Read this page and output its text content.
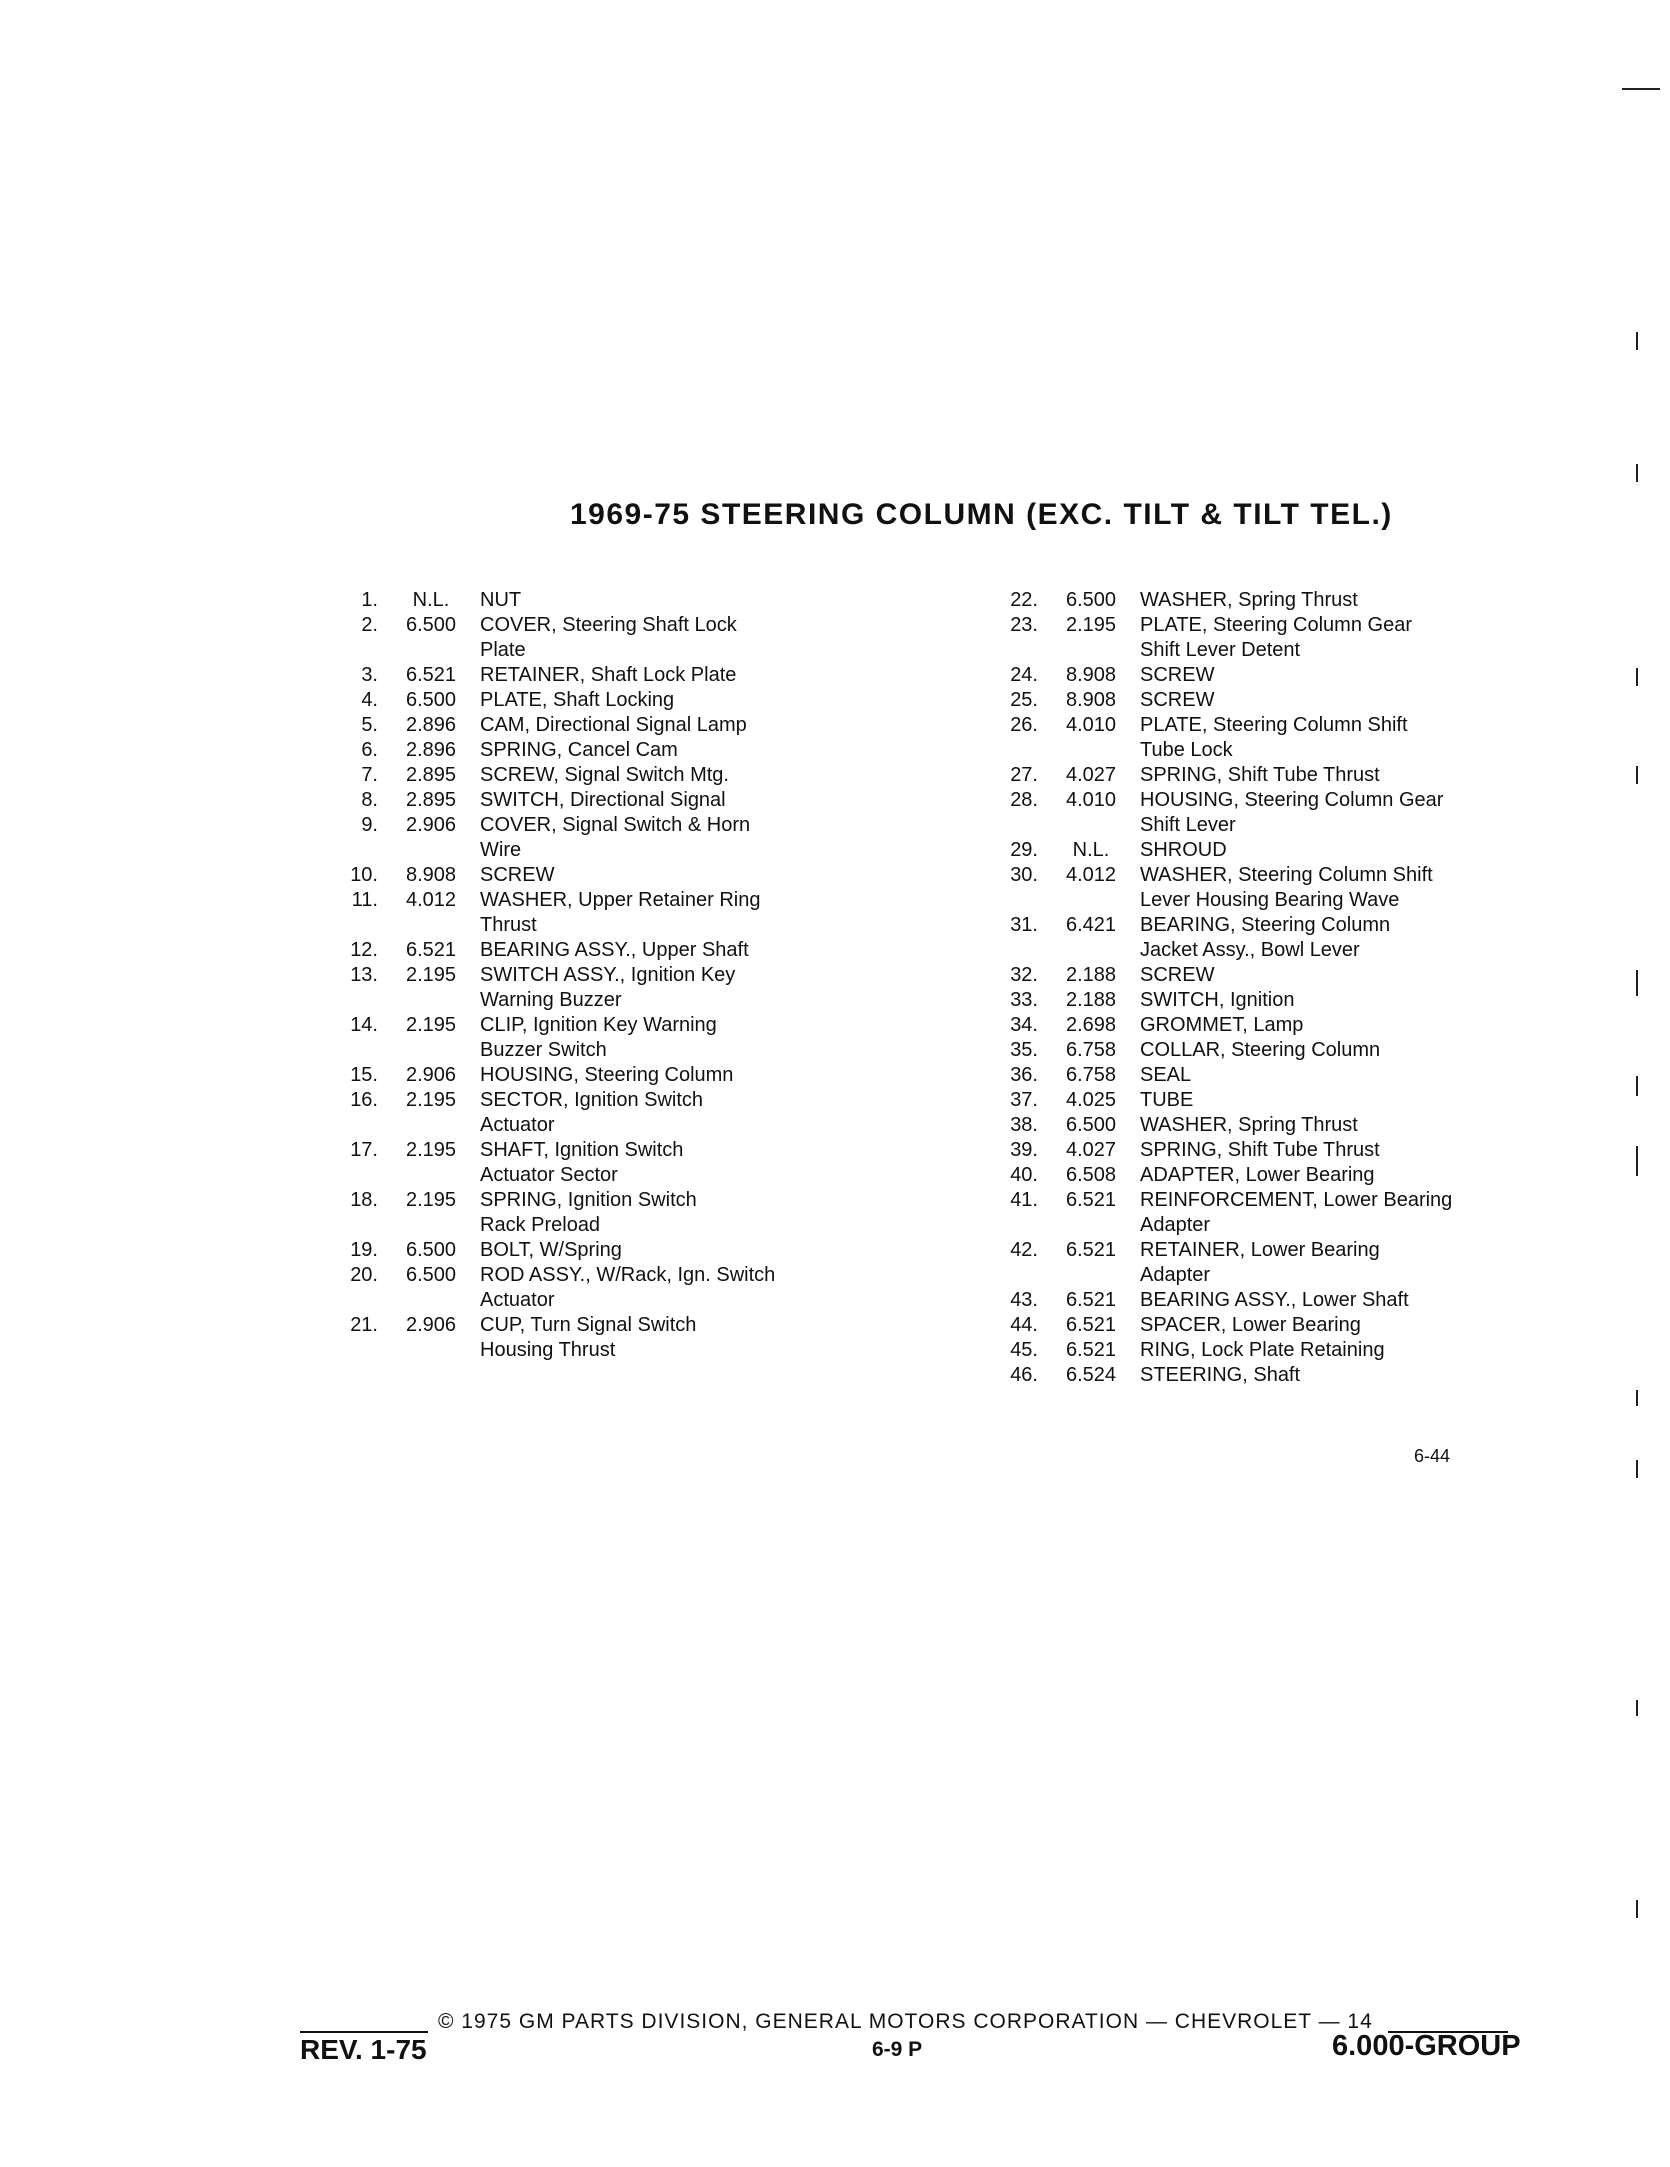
1969-75 STEERING COLUMN (EXC. TILT & TILT TEL.)
1.	N.L.	NUT
2.	6.500	COVER, Steering Shaft Lock
Plate
3.	6.521	RETAINER, Shaft Lock Plate
4.	6.500	PLATE, Shaft Locking
5.	2.896	CAM, Directional Signal Lamp
6.	2.896	SPRING, Cancel Cam
7.	2.895	SCREW, Signal Switch Mtg.
8.	2.895	SWITCH, Directional Signal
9.	2.906	COVER, Signal Switch & Horn
Wire
10.	8.908	SCREW
11.	4.012	WASHER, Upper Retainer Ring
Thrust
12.	6.521	BEARING ASSY., Upper Shaft
13.	2.195	SWITCH ASSY., Ignition Key
Warning Buzzer
14.	2.195	CLIP, Ignition Key Warning
Buzzer Switch
15.	2.906	HOUSING, Steering Column
16.	2.195	SECTOR, Ignition Switch
Actuator
17.	2.195	SHAFT, Ignition Switch
Actuator Sector
18.	2.195	SPRING, Ignition Switch
Rack Preload
19.	6.500	BOLT, W/Spring
20.	6.500	ROD ASSY., W/Rack, Ign. Switch
Actuator
21.	2.906	CUP, Turn Signal Switch
Housing Thrust
22.	6.500	WASHER, Spring Thrust
23.	2.195	PLATE, Steering Column Gear
Shift Lever Detent
24.	8.908	SCREW
25.	8.908	SCREW
26.	4.010	PLATE, Steering Column Shift
Tube Lock
27.	4.027	SPRING, Shift Tube Thrust
28.	4.010	HOUSING, Steering Column Gear
Shift Lever
29.	N.L.	SHROUD
30.	4.012	WASHER, Steering Column Shift
Lever Housing Bearing Wave
31.	6.421	BEARING, Steering Column
Jacket Assy., Bowl Lever
32.	2.188	SCREW
33.	2.188	SWITCH, Ignition
34.	2.698	GROMMET, Lamp
35.	6.758	COLLAR, Steering Column
36.	6.758	SEAL
37.	4.025	TUBE
38.	6.500	WASHER, Spring Thrust
39.	4.027	SPRING, Shift Tube Thrust
40.	6.508	ADAPTER, Lower Bearing
41.	6.521	REINFORCEMENT, Lower Bearing
Adapter
42.	6.521	RETAINER, Lower Bearing
Adapter
43.	6.521	BEARING ASSY., Lower Shaft
44.	6.521	SPACER, Lower Bearing
45.	6.521	RING, Lock Plate Retaining
46.	6.524	STEERING, Shaft
6-44
© 1975 GM PARTS DIVISION, GENERAL MOTORS CORPORATION — CHEVROLET — 14
REV. 1-75	6-9 P	6.000-GROUP
